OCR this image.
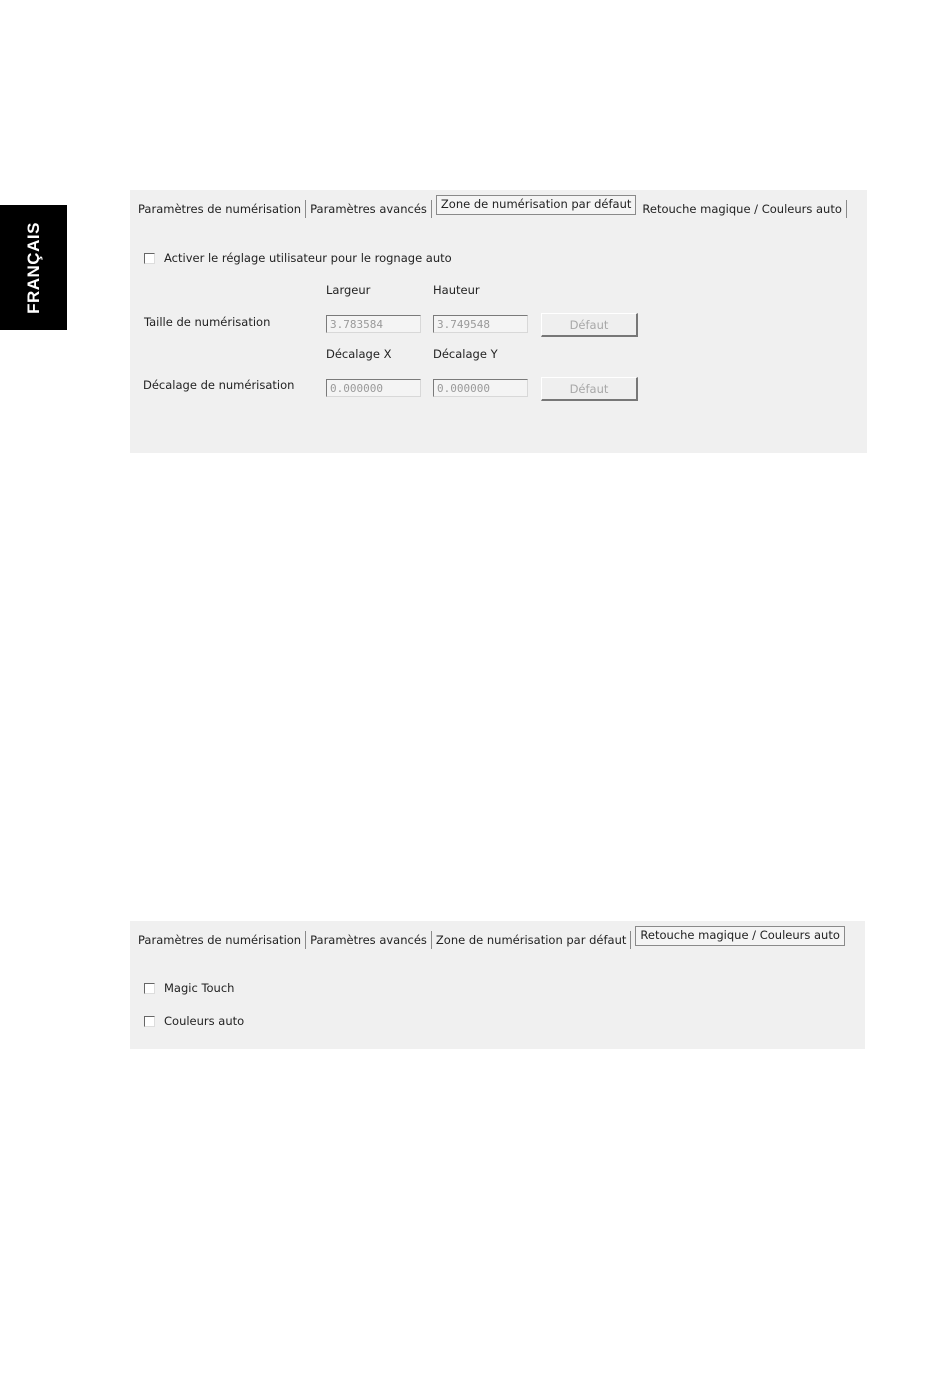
FRANÇAIS
Paramètres de numérisation Paramètres avancés	Zone de numérisation par défaut Retouche magique / Couleurs auto
Activer le réglage utilisateur pour le rognage auto
Largeur	Hauteur
Taille de numérisation	3.783584	3.749548	Défaut
Décalage X	Décalage Y
Décalage de numérisation	0.000000	0.000000	Défaut
Paramètres de numérisation Paramètres avancés Zone de numérisation par défaut	Retouche magique / Couleurs auto
Magic Touch
Couleurs auto
